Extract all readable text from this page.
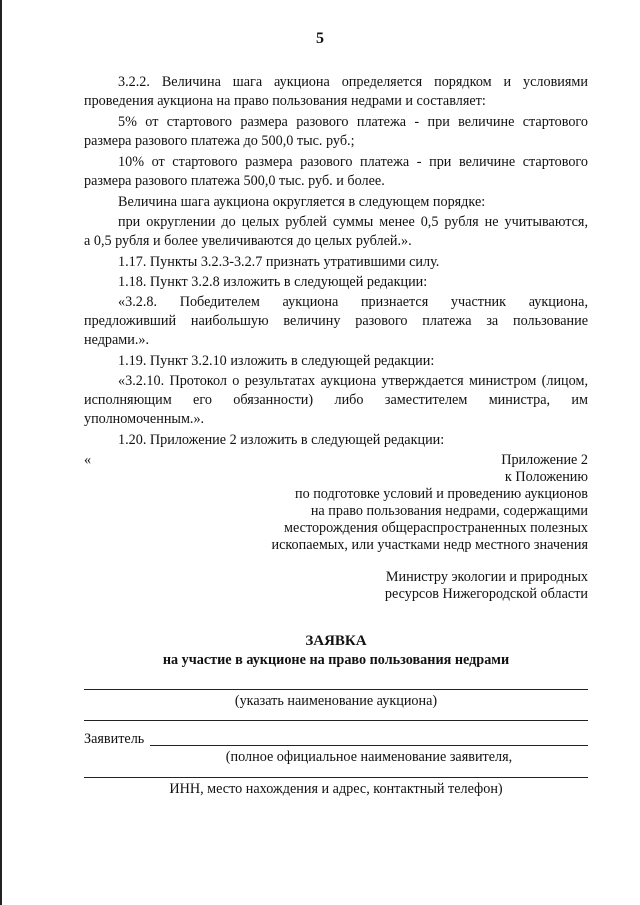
5
3.2.2. Величина шага аукциона определяется порядком и условиями
проведения аукциона на право пользования недрами и составляет:
5% от стартового размера разового платежа - при величине стартового
размера разового платежа до 500,0 тыс. руб.;
10% от стартового размера разового платежа - при величине стартового
размера разового платежа 500,0 тыс. руб. и более.
Величина шага аукциона округляется в следующем порядке:
при округлении до целых рублей суммы менее 0,5 рубля не учитываются,
а 0,5 рубля и более увеличиваются до целых рублей.».
1.17. Пункты 3.2.3-3.2.7 признать утратившими силу.
1.18. Пункт 3.2.8 изложить в следующей редакции:
«3.2.8. Победителем аукциона признается участник аукциона,
предложивший наибольшую величину разового платежа за пользование
недрами.».
1.19. Пункт 3.2.10 изложить в следующей редакции:
«3.2.10. Протокол о результатах аукциона утверждается министром (лицом,
исполняющим его обязанности) либо заместителем министра, им
уполномоченным.».
1.20. Приложение 2 изложить в следующей редакции:
«	Приложение 2
к Положению
по подготовке условий и проведению аукционов
на право пользования недрами, содержащими
месторождения общераспространенных полезных
ископаемых, или участками недр местного значения
Министру экологии и природных
ресурсов Нижегородской области
ЗАЯВКА
на участие в аукционе на право пользования недрами
(указать наименование аукциона)
Заявитель
(полное официальное наименование заявителя,
ИНН, место нахождения и адрес, контактный телефон)
